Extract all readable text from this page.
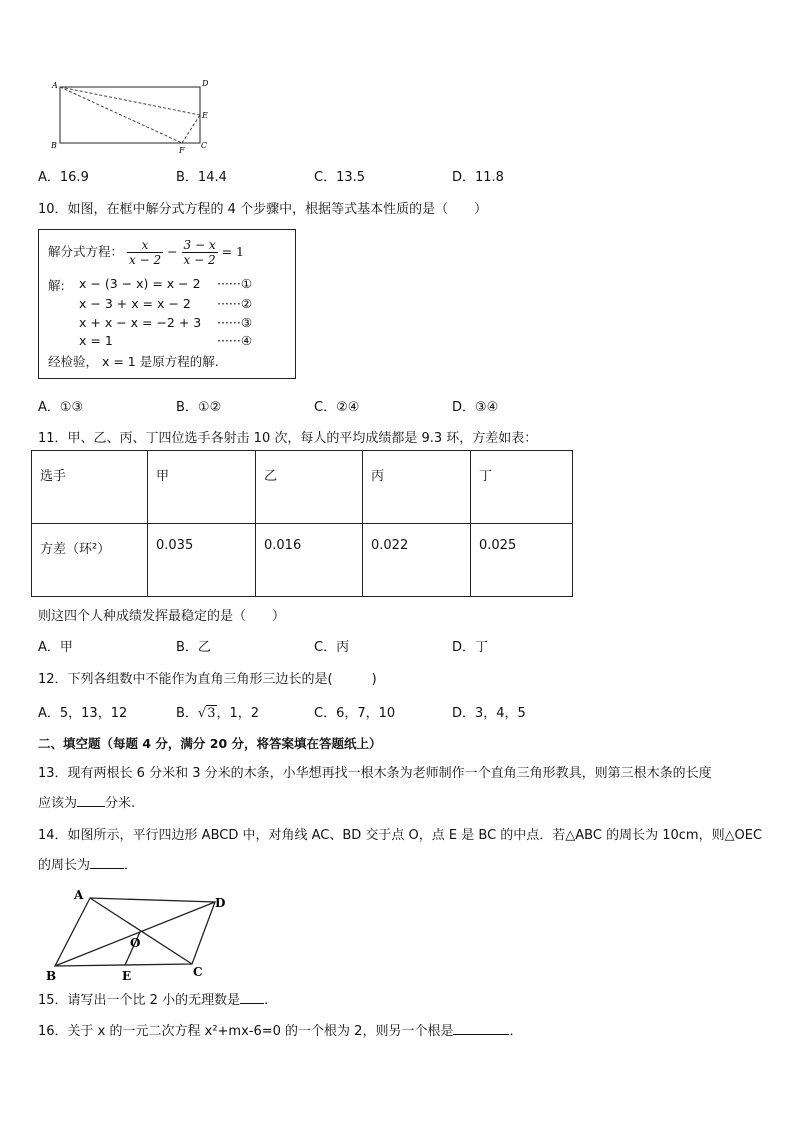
A	D
E
B
F
C
A．16.9	B．14.4	C．13.5	D．11.8
10．如图，在框中解分式方程的 4 个步骤中，根据等式基本性质的是（　　）
解分式方程： $\frac{x}{x - 2} - \frac{3 - x}{x - 2} = 1$
解: x − (3 − x) = x − 2 ······①
x − 3 + x = x − 2 ······②
x + x − x = −2 + 3 ······③
x = 1	······④
经检验， x = 1 是原方程的解.
A．①③	B．①②	C．②④	D．③④
11．甲、乙、丙、丁四位选手各射击 10 次，每人的平均成绩都是 9.3 环，方差如表：
选手	甲	乙	丙	丁
方差（环²）	0.035	0.016	0.022	0.025
则这四个人种成绩发挥最稳定的是（　　）
A．甲	B．乙	C．丙	D．丁
12．下列各组数中不能作为直角三角形三边长的是(　　　)
A．5，13，12	B．√3，1，2	C．6，7，10	D．3，4，5
二、填空题（每题 4 分，满分 20 分，将答案填在答题纸上）
13．现有两根长 6 分米和 3 分米的木条，小华想再找一根木条为老师制作一个直角三角形教具，则第三根木条的长度
应该为 分米.
14．如图所示，平行四边形 ABCD 中，对角线 AC、BD 交于点 O，点 E 是 BC 的中点．若△ABC 的周长为 10cm，则△OEC
的周长为	．
A
D
O
B	E	C
15．请写出一个比 2 小的无理数是 .
16．关于 x 的一元二次方程 x²+mx-6=0 的一个根为 2，则另一个根是	．
